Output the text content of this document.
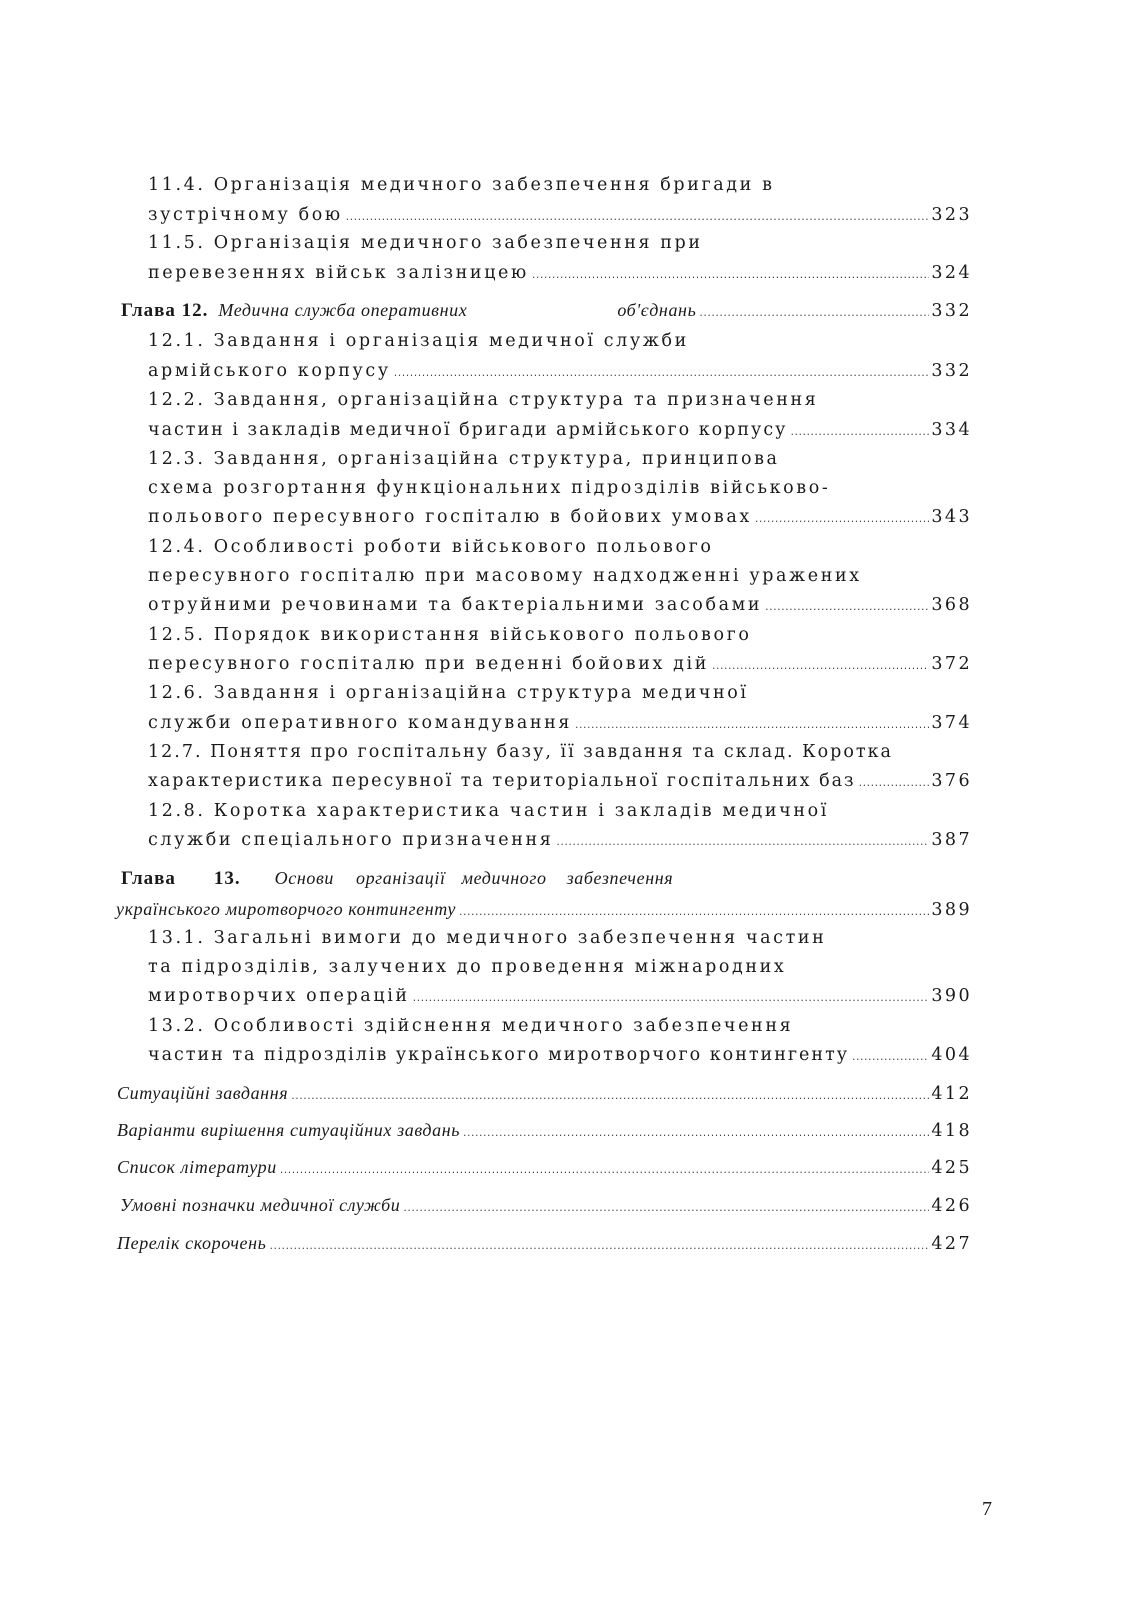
11.4. Організація медичного забезпечення бригади в
зустрічному бою .....	323
11.5. Організація медичного забезпечення при
перевезеннях військ залізницею .....	324
Глава 12. Медична служба оперативних	об'єднань .....	332
12.1. Завдання і організація медичної служби
армійського корпусу .....	332
12.2. Завдання, організаційна структура та призначення
частин і закладів медичної бригади армійського корпусу .....	334
12.3. Завдання, організаційна структура, принципова
схема розгортання функціональних підрозділів військово-
польового пересувного госпіталю в бойових умовах .....	343
12.4. Особливості роботи військового польового
пересувного госпіталю при масовому надходженні уражених
отруйними речовинами та бактеріальними засобами .....	368
12.5. Порядок використання військового польового
пересувного госпіталю при веденні бойових дій .....	372
12.6. Завдання і організаційна структура медичної
служби оперативного командування .....	374
12.7. Поняття про госпітальну базу, її завдання та склад. Коротка
характеристика пересувної та територіальної госпітальних баз .....	376
12.8. Коротка характеристика частин і закладів медичної
служби спеціального призначення .....	387
Глава 13. Основи організації медичного забезпечення
українського миротворчого контингенту .....	389
13.1. Загальні вимоги до медичного забезпечення частин
та підрозділів, залучених до проведення міжнародних
миротворчих операцій .....	390
13.2. Особливості здійснення медичного забезпечення
частин та підрозділів українського миротворчого контингенту .....	404
Ситуаційні завдання .....	412
Варіанти вирішення ситуаційних завдань .....	418
Список літератури .....	425
Умовні позначки медичної служби .....	426
Перелік скорочень .....	427
7
